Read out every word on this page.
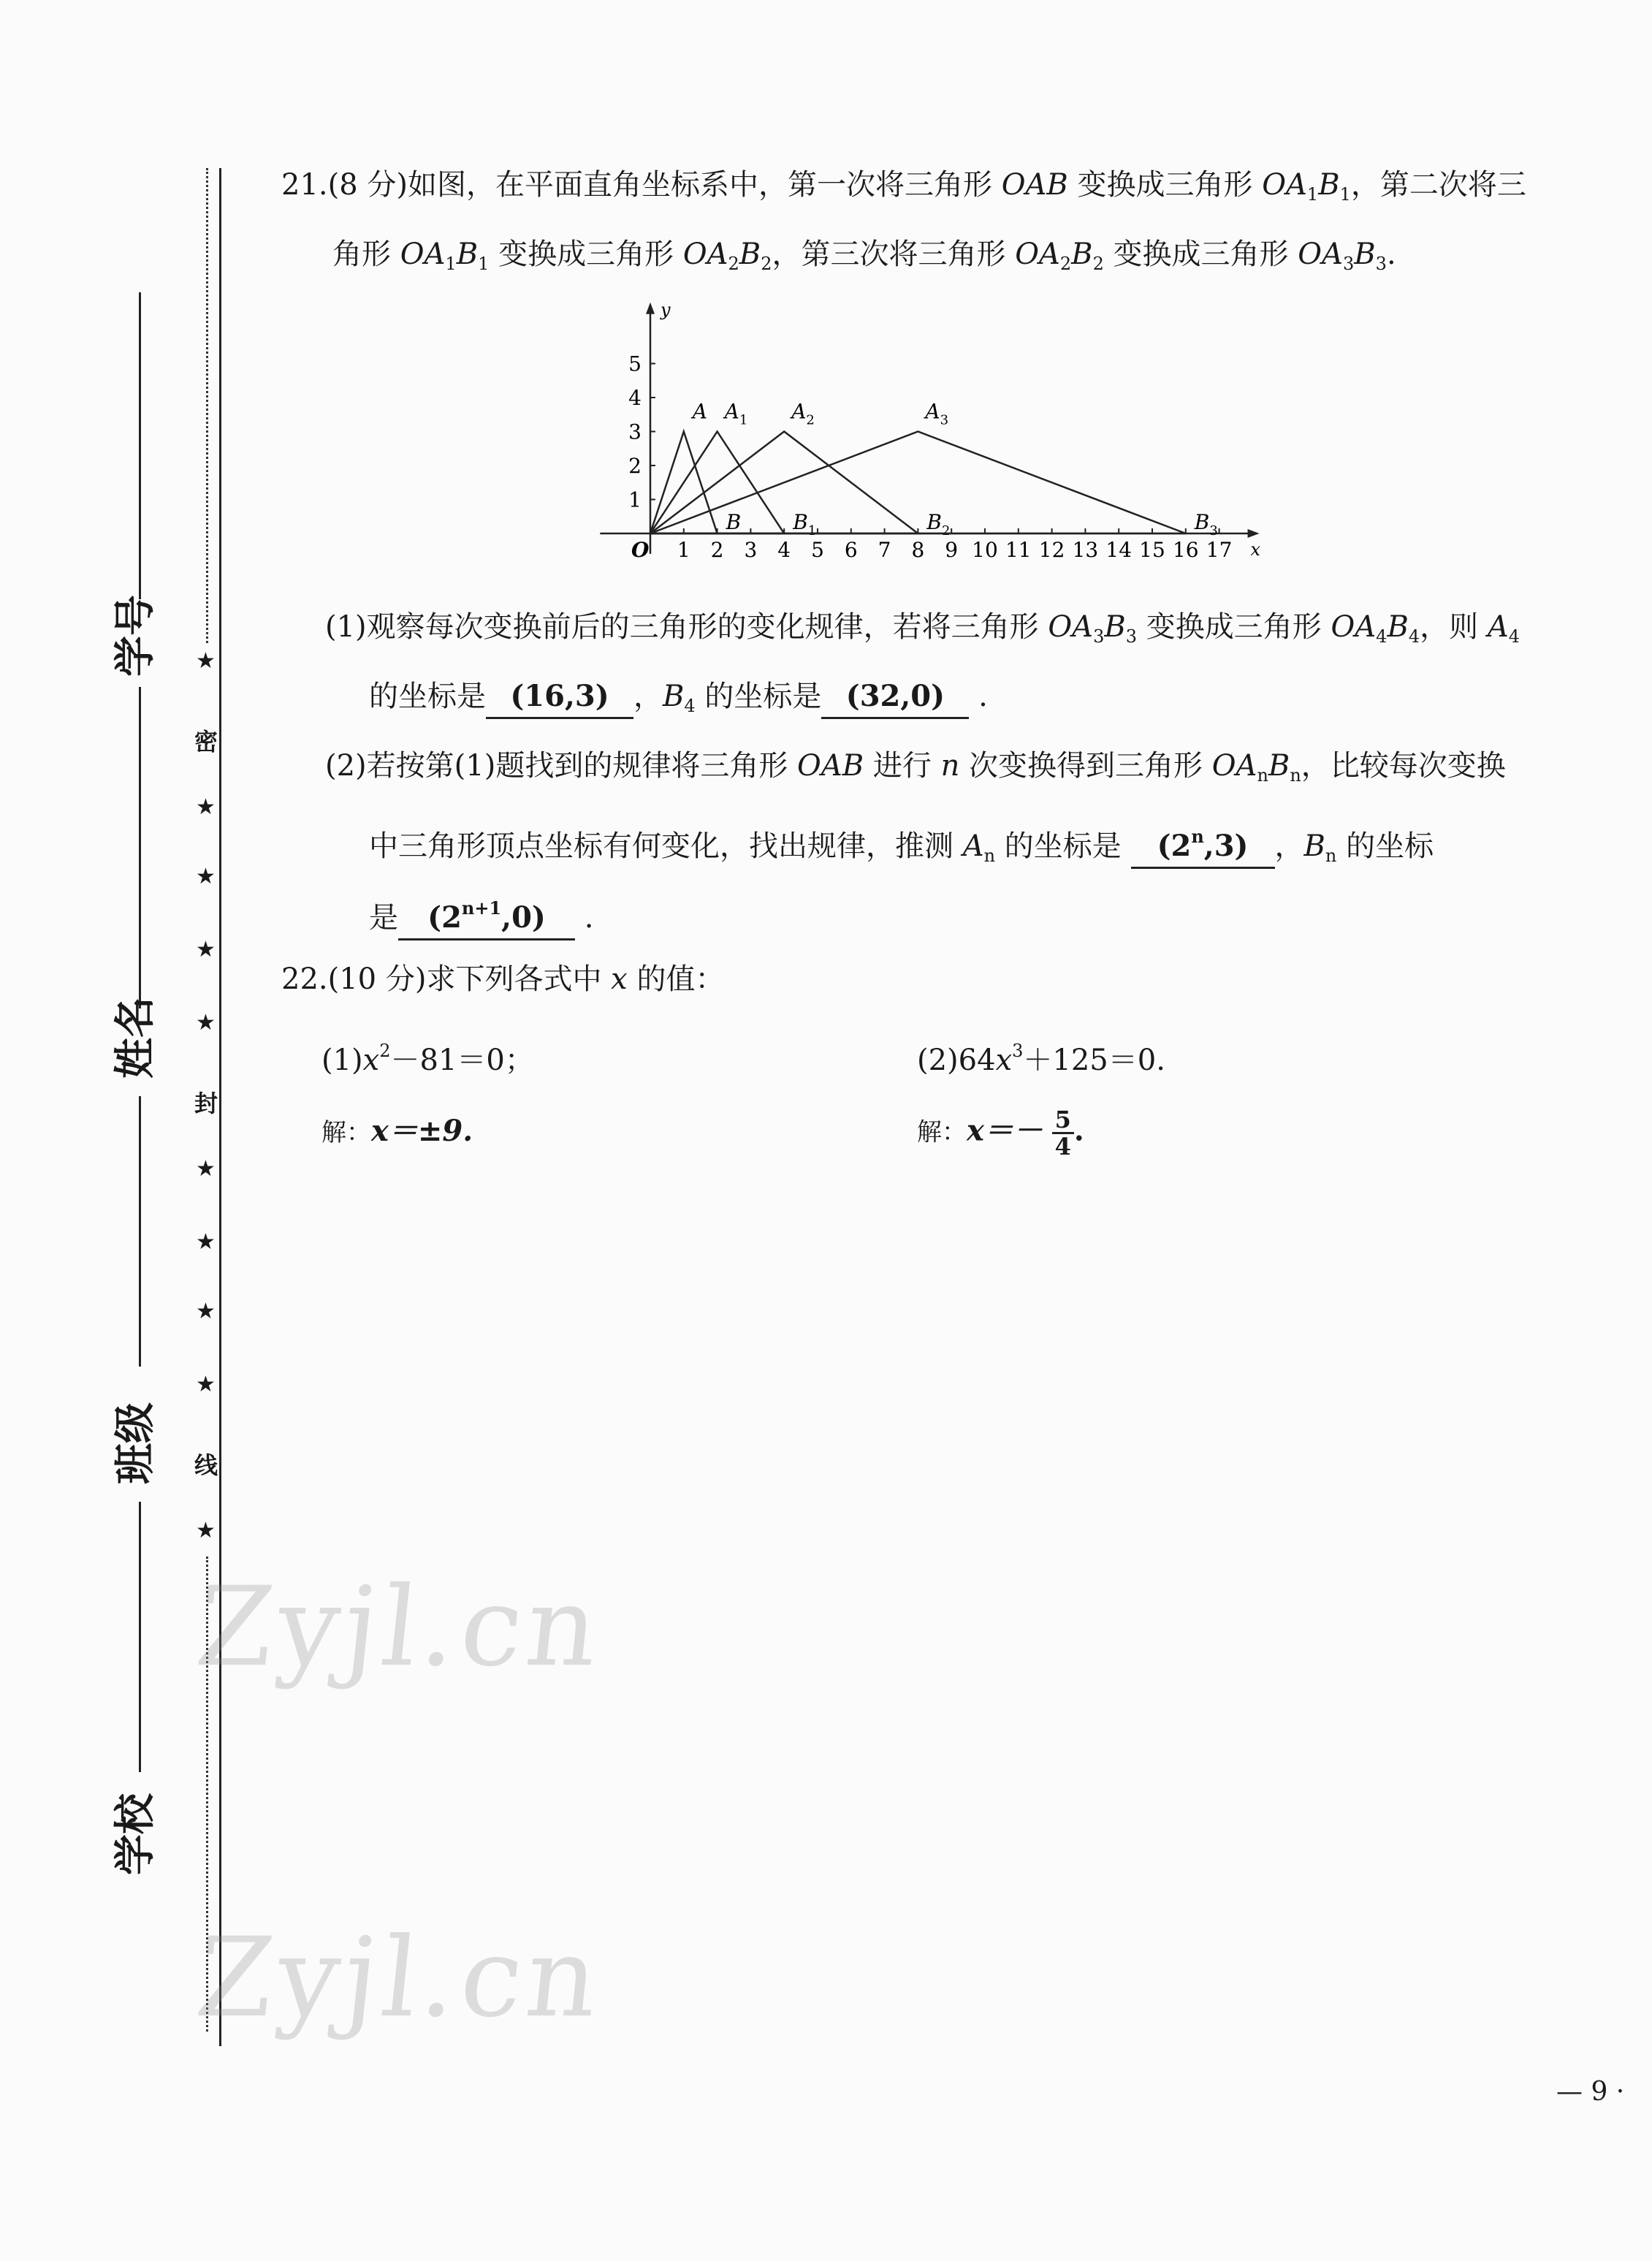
学号
姓名
班级
学校
★
密
★
★
★
★
封
★
★
★
★
线
★
21.(8 分)如图，在平面直角坐标系中，第一次将三角形 OAB 变换成三角形 $OA_1B_1$，第二次将三
角形 $OA_1B_1$ 变换成三角形 $OA_2B_2$，第三次将三角形 $OA_2B_2$ 变换成三角形 $OA_3B_3$.
x
y
O 1 2 3 4 5 6 7 8 9 10 11 12 13 14 15 16 17
1
2
3
4
5
A
B
$A_1$
$B_1$
$A_2$
$B_2$
$A_3$
$B_3$
(1)观察每次变换前后的三角形的变化规律，若将三角形 $OA_3B_3$ 变换成三角形 $OA_4B_4$，则 $A_4$
的坐标是 (16,3) ，$B_4$ 的坐标是 (32,0) .
(2)若按第(1)题找到的规律将三角形 OAB 进行 n 次变换得到三角形 $OA_nB_n$，比较每次变换
中三角形顶点坐标有何变化，找出规律，推测 $A_n$ 的坐标是 (2$^n$,3) ，$B_n$ 的坐标
是 $(2^{n+1},0)$ .
22.(10 分)求下列各式中 x 的值：
$(1)x^2-81=0$；	$(2)64x^3+125=0$.
解：x＝±9.	解：$x=- \frac{5}{4}$ .
Zyjl.cn
Zyjl.cn
— 9 ·
